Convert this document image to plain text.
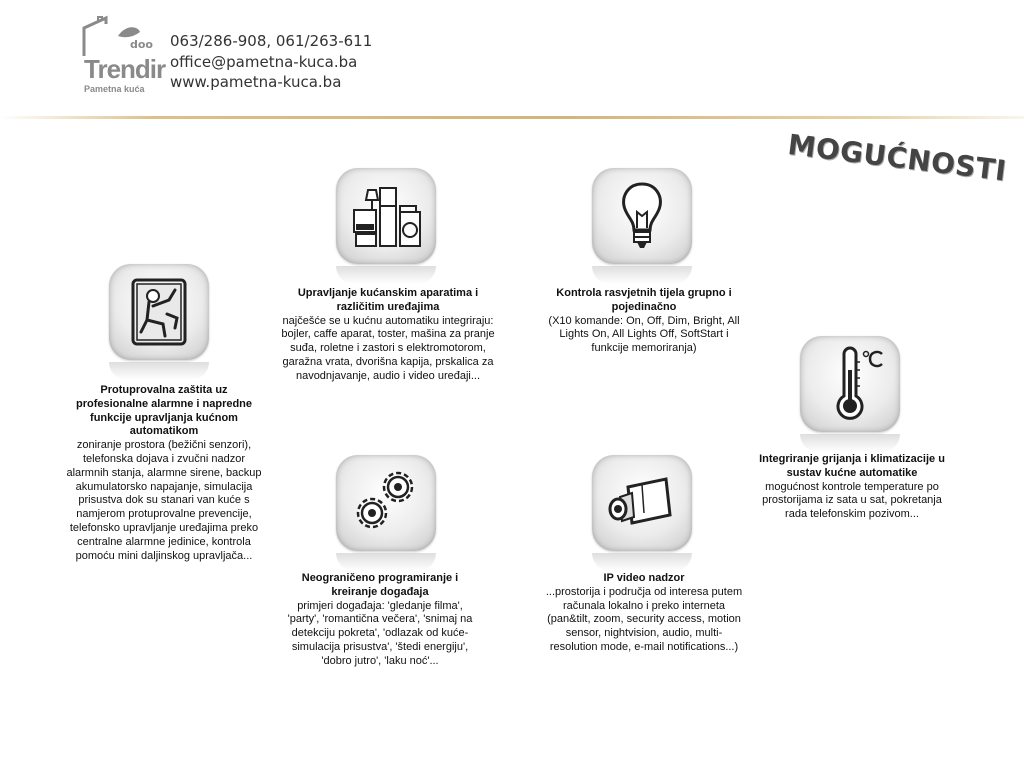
doo
Trendir
Pametna kuća
063/286-908, 061/263-611
office@pametna-kuca.ba
www.pametna-kuca.ba
MOGUĆNOSTI
Protuprovalna zaštita uz profesionalne alarmne i napredne funkcije upravljanja kućnom automatikom
zoniranje prostora (bežični senzori), telefonska dojava i zvučni nadzor alarmnih stanja, alarmne sirene, backup akumulatorsko napajanje, simulacija prisustva dok su stanari van kuće s namjerom protuprovalne prevencije, telefonsko upravljanje uređajima preko centralne alarmne jedinice, kontrola pomoću mini daljinskog upravljača...
Upravljanje kućanskim aparatima i različitim uređajima
najčešće se u kućnu automatiku integriraju: bojler, caffe aparat, toster, mašina za pranje suđa, roletne i zastori s elektromotorom, garažna vrata, dvorišna kapija, prskalica za navodnjavanje, audio i video uređaji...
Kontrola rasvjetnih tijela grupno i pojedinačno
(X10 komande: On, Off, Dim, Bright, All Lights On, All Lights Off, SoftStart i funkcije memoriranja)
Integriranje grijanja i klimatizacije u sustav kućne automatike
mogućnost kontrole temperature po prostorijama iz sata u sat, pokretanja rada telefonskim pozivom...
Neograničeno programiranje i kreiranje događaja
primjeri događaja: 'gledanje filma', 'party', 'romantična večera', 'snimaj na detekciju pokreta', 'odlazak od kuće-simulacija prisustva', 'štedi energiju', 'dobro jutro', 'laku noć'...
IP video nadzor
...prostorija i područja od interesa putem računala lokalno i preko interneta (pan&tilt, zoom, security access, motion sensor, nightvision, audio, multi-resolution mode, e-mail notifications...)
